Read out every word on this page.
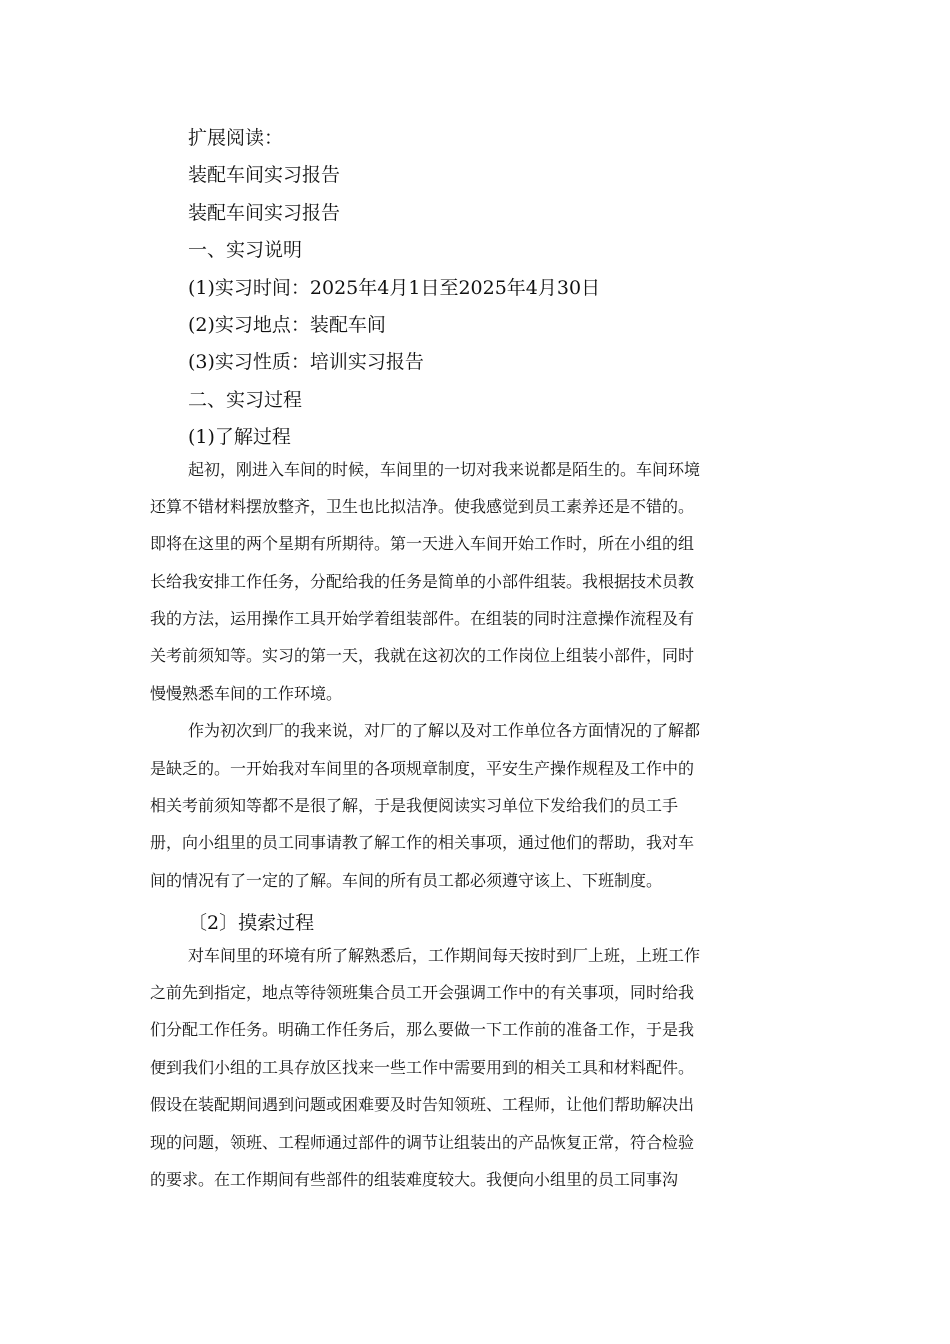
扩展阅读：
装配车间实习报告
装配车间实习报告
一、实习说明
(1)实习时间：2025年4月1日至2025年4月30日
(2)实习地点：装配车间
(3)实习性质：培训实习报告
二、实习过程
(1)了解过程
起初，刚进入车间的时候，车间里的一切对我来说都是陌生的。车间环境
还算不错材料摆放整齐，卫生也比拟洁净。使我感觉到员工素养还是不错的。
即将在这里的两个星期有所期待。第一天进入车间开始工作时，所在小组的组
长给我安排工作任务，分配给我的任务是简单的小部件组装。我根据技术员教
我的方法，运用操作工具开始学着组装部件。在组装的同时注意操作流程及有
关考前须知等。实习的第一天，我就在这初次的工作岗位上组装小部件，同时
慢慢熟悉车间的工作环境。
作为初次到厂的我来说，对厂的了解以及对工作单位各方面情况的了解都
是缺乏的。一开始我对车间里的各项规章制度，平安生产操作规程及工作中的
相关考前须知等都不是很了解，于是我便阅读实习单位下发给我们的员工手
册，向小组里的员工同事请教了解工作的相关事项，通过他们的帮助，我对车
间的情况有了一定的了解。车间的所有员工都必须遵守该上、下班制度。
〔2〕摸索过程
对车间里的环境有所了解熟悉后，工作期间每天按时到厂上班，上班工作
之前先到指定，地点等待领班集合员工开会强调工作中的有关事项，同时给我
们分配工作任务。明确工作任务后，那么要做一下工作前的准备工作，于是我
便到我们小组的工具存放区找来一些工作中需要用到的相关工具和材料配件。
假设在装配期间遇到问题或困难要及时告知领班、工程师，让他们帮助解决出
现的问题，领班、工程师通过部件的调节让组装出的产品恢复正常，符合检验
的要求。在工作期间有些部件的组装难度较大。我便向小组里的员工同事沟
